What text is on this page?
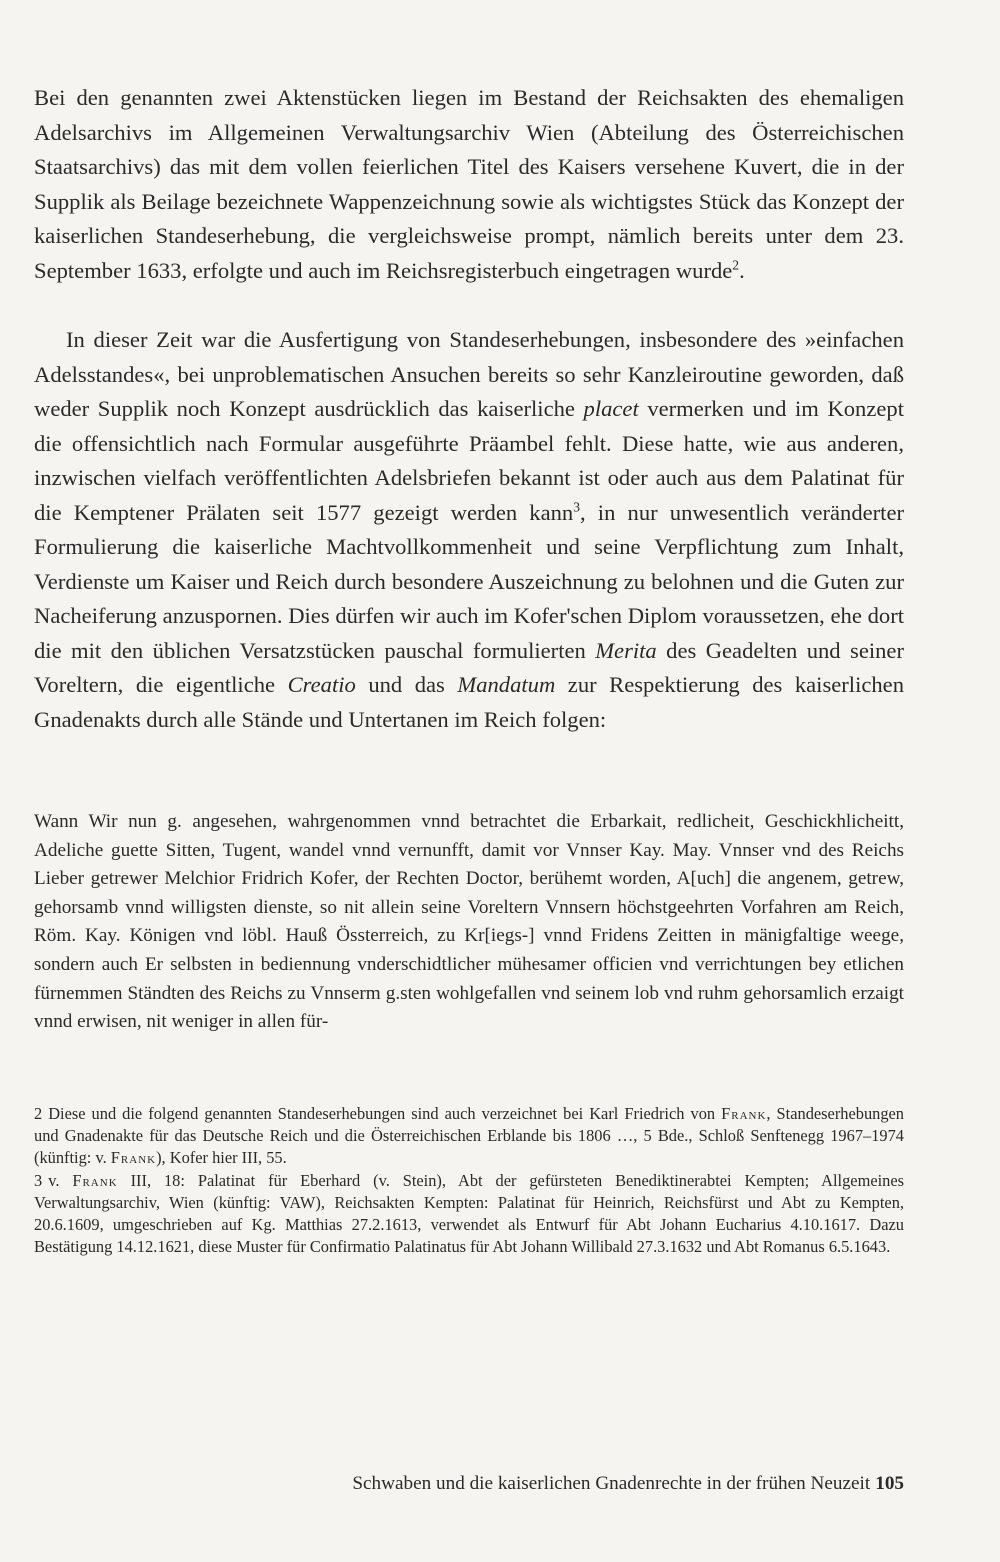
Bei den genannten zwei Aktenstücken liegen im Bestand der Reichsakten des ehemaligen Adelsarchivs im Allgemeinen Verwaltungsarchiv Wien (Abteilung des Österreichischen Staatsarchivs) das mit dem vollen feierlichen Titel des Kaisers versehene Kuvert, die in der Supplik als Beilage bezeichnete Wappenzeichnung sowie als wichtigstes Stück das Konzept der kaiserlichen Standeserhebung, die vergleichsweise prompt, nämlich bereits unter dem 23. September 1633, erfolgte und auch im Reichsregisterbuch eingetragen wurde$^2$.

In dieser Zeit war die Ausfertigung von Standeserhebungen, insbesondere des »einfachen Adelsstandes«, bei unproblematischen Ansuchen bereits so sehr Kanzleiroutine geworden, daß weder Supplik noch Konzept ausdrücklich das kaiserliche placet vermerken und im Konzept die offensichtlich nach Formular ausgeführte Präambel fehlt. Diese hatte, wie aus anderen, inzwischen vielfach veröffentlichten Adelsbriefen bekannt ist oder auch aus dem Palatinat für die Kemptener Prälaten seit 1577 gezeigt werden kann$^3$, in nur unwesentlich veränderter Formulierung die kaiserliche Machtvollkommenheit und seine Verpflichtung zum Inhalt, Verdienste um Kaiser und Reich durch besondere Auszeichnung zu belohnen und die Guten zur Nacheiferung anzuspornen. Dies dürfen wir auch im Kofer'schen Diplom voraussetzen, ehe dort die mit den üblichen Versatzstücken pauschal formulierten Merita des Geadelten und seiner Voreltern, die eigentliche Creatio und das Mandatum zur Respektierung des kaiserlichen Gnadenakts durch alle Stände und Untertanen im Reich folgen:

Wann Wir nun g. angesehen, wahrgenommen vnnd betrachtet die Erbarkait, redlicheit, Geschickhlicheitt, Adeliche guette Sitten, Tugent, wandel vnnd vernunfft, damit vor Vnnser Kay. May. Vnnser vnd des Reichs Lieber getrewer Melchior Fridrich Kofer, der Rechten Doctor, berühemt worden, A[uch] die angenem, getrew, gehorsamb vnnd willigsten dienste, so nit allein seine Voreltern Vnnsern höchstgeehrten Vorfahren am Reich, Röm. Kay. Königen vnd löbl. Hauß Össterreich, zu Kr[iegs-] vnnd Fridens Zeitten in mänigfaltige weege, sondern auch Er selbsten in bediennung vnderschidtlicher mühesamer officien vnd verrichtungen bey etlichen fürnemmen Ständten des Reichs zu Vnnserm g.sten wohlgefallen vnd seinem lob vnd ruhm gehorsamlich erzaigt vnnd erwisen, nit weniger in allen für-

2 Diese und die folgend genannten Standeserhebungen sind auch verzeichnet bei Karl Friedrich von Frank, Standeserhebungen und Gnadenakte für das Deutsche Reich und die Österreichischen Erblande bis 1806 …, 5 Bde., Schloß Senftenegg 1967–1974 (künftig: v. Frank), Kofer hier III, 55.

3 v. Frank III, 18: Palatinat für Eberhard (v. Stein), Abt der gefürsteten Benediktinerabtei Kempten; Allgemeines Verwaltungsarchiv, Wien (künftig: VAW), Reichsakten Kempten: Palatinat für Heinrich, Reichsfürst und Abt zu Kempten, 20.6.1609, umgeschrieben auf Kg. Matthias 27.2.1613, verwendet als Entwurf für Abt Johann Eucharius 4.10.1617. Dazu Bestätigung 14.12.1621, diese Muster für Confirmatio Palatinatus für Abt Johann Willibald 27.3.1632 und Abt Romanus 6.5.1643.

Schwaben und die kaiserlichen Gnadenrechte in der frühen Neuzeit 105
